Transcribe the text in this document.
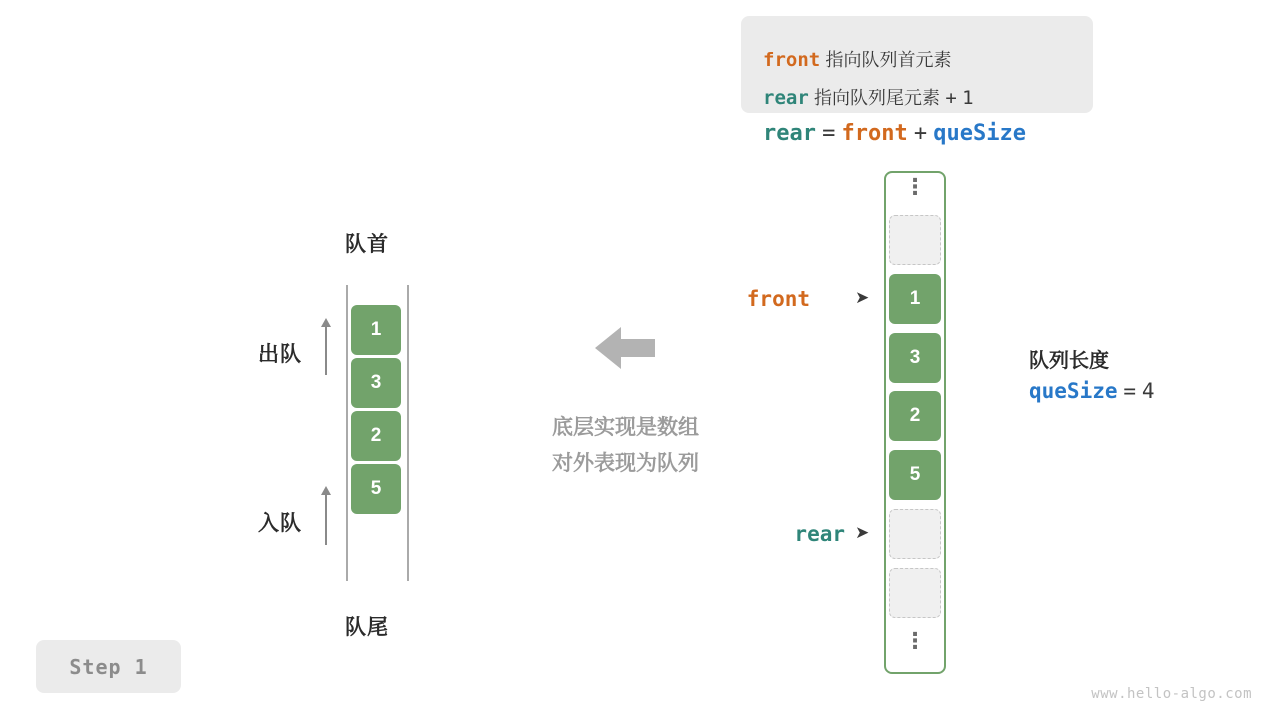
front 指向队列首元素
rear 指向队列尾元素 + 1
rear = front + queSize
队首
1
3
2
5
出队
入队
队尾
底层实现是数组
对外表现为队列
⋮
1
3
2
5
⋮
front	➤
rear ➤
队列长度
queSize = 4
Step 1
www.hello-algo.com
